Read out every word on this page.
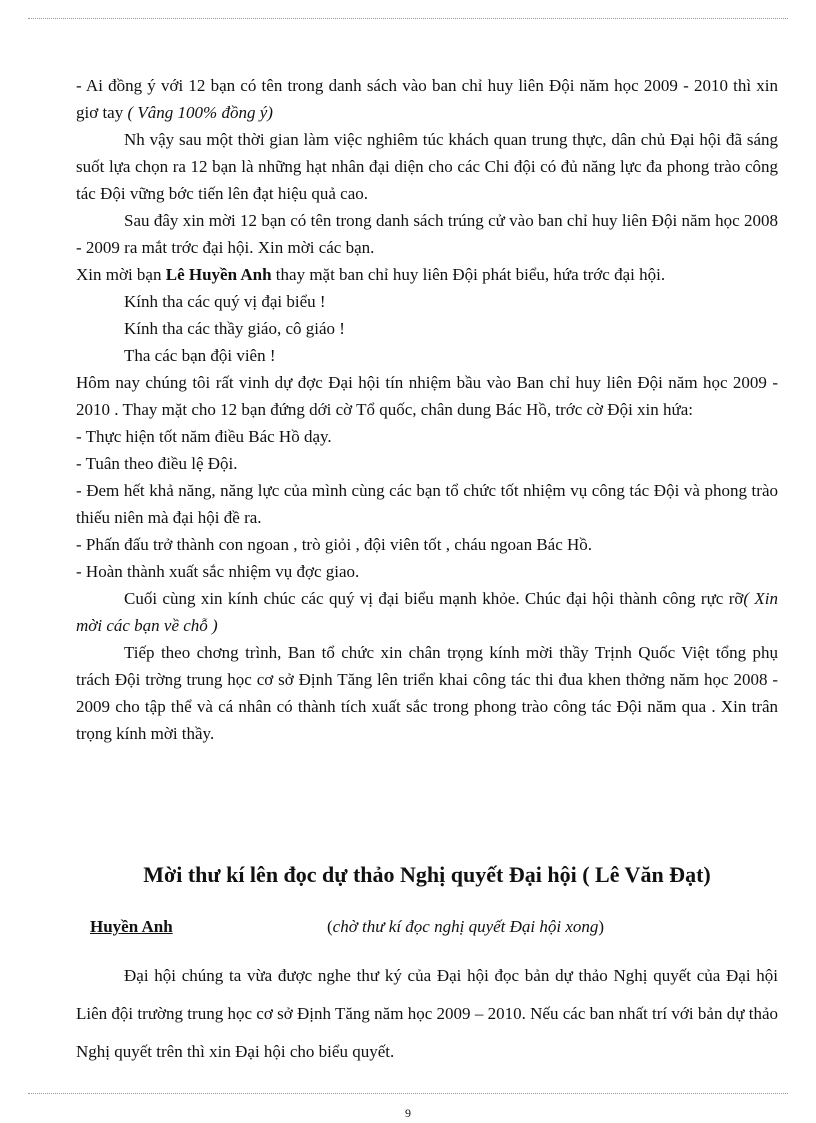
- Ai đồng ý với 12 bạn có tên trong danh sách vào ban chỉ huy liên Đội năm học 2009 - 2010 thì xin giơ tay ( Vâng 100% đồng ý)

Nh vậy sau một thời gian làm việc nghiêm túc khách quan trung thực, dân chủ Đại hội đã sáng suốt lựa chọn ra 12 bạn là những hạt nhân đại diện cho các Chi đội có đủ năng lực đa phong trào công tác Đội vững bớc tiến lên đạt hiệu quả cao.

Sau đây xin mời 12 bạn có tên trong danh sách trúng cử vào ban chỉ huy liên Đội năm học 2008 - 2009 ra mắt trớc đại hội. Xin mời các bạn.

Xin mời bạn Lê Huyền Anh thay mặt ban chỉ huy liên Đội phát biểu, hứa trớc đại hội.

Kính tha các quý vị đại biểu !

Kính tha các thầy giáo, cô giáo !

Tha các bạn đội viên !

Hôm nay chúng tôi rất vinh dự đợc Đại hội tín nhiệm bầu vào Ban chỉ huy liên Đội năm học 2009 - 2010 . Thay mặt cho 12 bạn đứng dới cờ Tổ quốc, chân dung Bác Hồ, trớc cờ Đội xin hứa:

- Thực hiện tốt năm điều Bác Hồ dạy.

- Tuân theo điều lệ Đội.

- Đem hết khả năng, năng lực của mình cùng các bạn tổ chức tốt nhiệm vụ công tác Đội và phong trào thiếu niên mà đại hội đề ra.

- Phấn đấu trở thành con ngoan , trò giỏi , đội viên tốt , cháu ngoan Bác Hồ.

- Hoàn thành xuất sắc nhiệm vụ đợc giao.

Cuối cùng xin kính chúc các quý vị đại biểu mạnh khỏe. Chúc đại hội thành công rực rỡ( Xin mời các bạn về chỗ )

Tiếp theo chơng trình, Ban tổ chức xin chân trọng kính mời thầy Trịnh Quốc Việt tổng phụ trách Đội trờng trung học cơ sở Định Tăng lên triển khai công tác thi đua khen thởng năm học 2008 - 2009 cho tập thể và cá nhân có thành tích xuất sắc trong phong trào công tác Đội năm qua . Xin trân trọng kính mời thầy.

Mời thư kí lên đọc dự thảo Nghị quyết Đại hội ( Lê Văn Đạt)
Huyền Anh	(chờ thư kí đọc nghị quyết Đại hội xong)

Đại hội chúng ta vừa được nghe thư ký của Đại hội đọc bản dự thảo Nghị quyết của Đại hội Liên đội trường trung học cơ sở Định Tăng năm học 2009 – 2010. Nếu các ban nhất trí với bản dự thảo Nghị quyết trên thì xin Đại hội cho biểu quyết.

9
